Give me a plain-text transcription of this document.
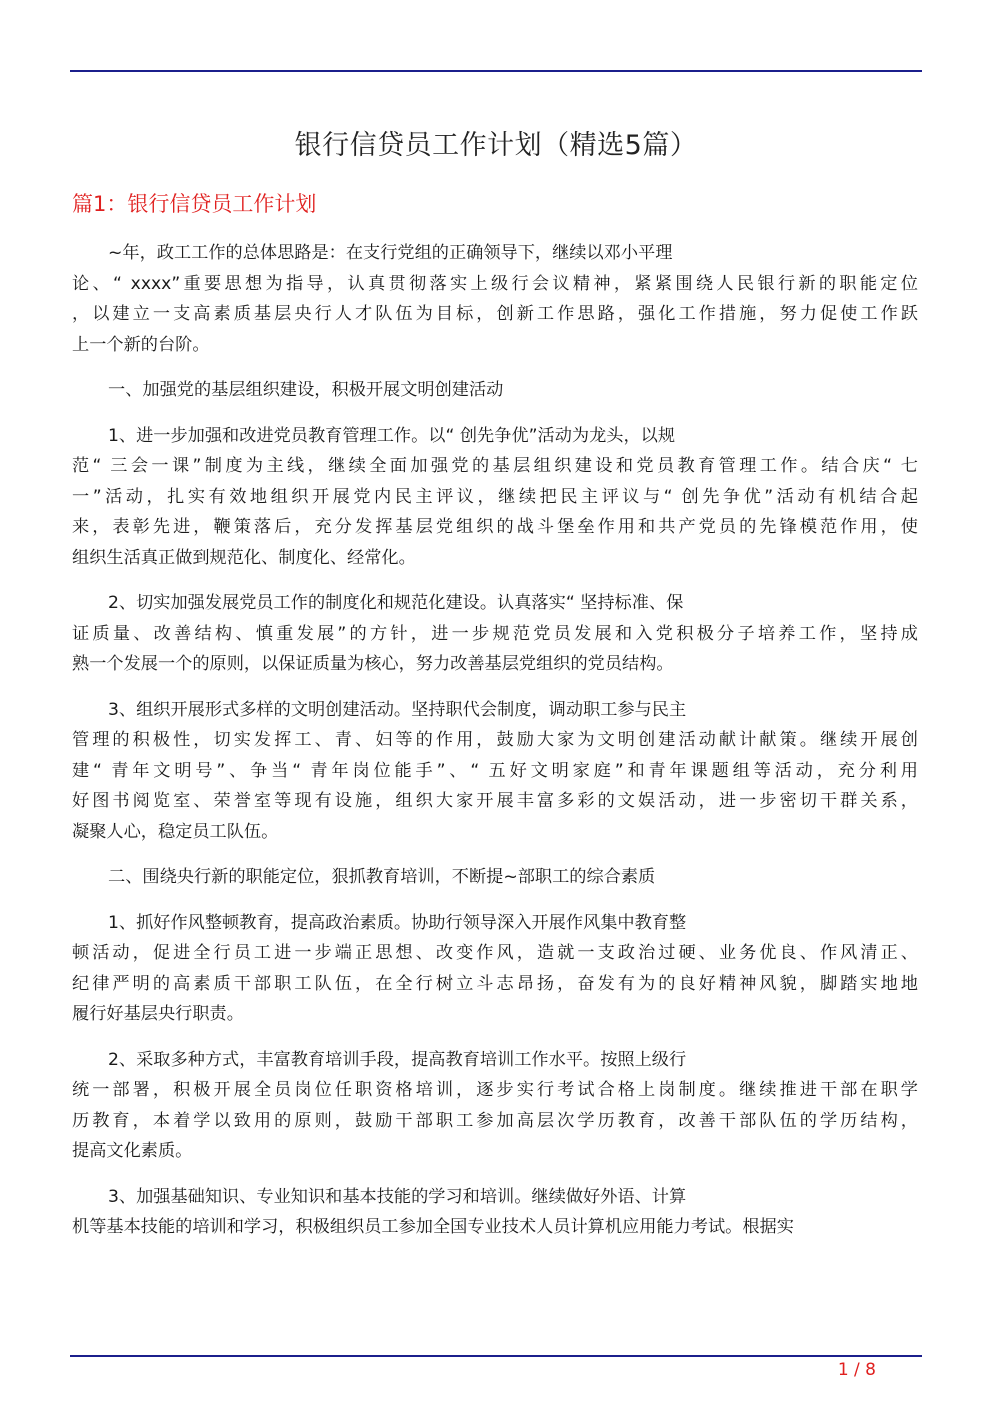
银行信贷员工作计划（精选5篇）
篇1：银行信贷员工作计划

~年，政工工作的总体思路是：在支行党组的正确领导下，继续以邓小平理
论、“ xxxx”重要思想为指导，认真贯彻落实上级行会议精神，紧紧围绕人民银行新的职能定位
，以建立一支高素质基层央行人才队伍为目标，创新工作思路，强化工作措施，努力促使工作跃
上一个新的台阶。

一、加强党的基层组织建设，积极开展文明创建活动

1、进一步加强和改进党员教育管理工作。以“ 创先争优”活动为龙头，以规
范“ 三会一课”制度为主线，继续全面加强党的基层组织建设和党员教育管理工作。结合庆“ 七
一”活动，扎实有效地组织开展党内民主评议，继续把民主评议与“ 创先争优”活动有机结合起
来，表彰先进，鞭策落后，充分发挥基层党组织的战斗堡垒作用和共产党员的先锋模范作用，使
组织生活真正做到规范化、制度化、经常化。

2、切实加强发展党员工作的制度化和规范化建设。认真落实“ 坚持标准、保
证质量、改善结构、慎重发展”的方针，进一步规范党员发展和入党积极分子培养工作，坚持成
熟一个发展一个的原则，以保证质量为核心，努力改善基层党组织的党员结构。

3、组织开展形式多样的文明创建活动。坚持职代会制度，调动职工参与民主
管理的积极性，切实发挥工、青、妇等的作用，鼓励大家为文明创建活动献计献策。继续开展创
建“ 青年文明号”、争当“ 青年岗位能手”、“ 五好文明家庭”和青年课题组等活动，充分利用
好图书阅览室、荣誉室等现有设施，组织大家开展丰富多彩的文娱活动，进一步密切干群关系，
凝聚人心，稳定员工队伍。

二、围绕央行新的职能定位，狠抓教育培训，不断提~部职工的综合素质

1、抓好作风整顿教育，提高政治素质。协助行领导深入开展作风集中教育整
顿活动，促进全行员工进一步端正思想、改变作风，造就一支政治过硬、业务优良、作风清正、
纪律严明的高素质干部职工队伍，在全行树立斗志昂扬，奋发有为的良好精神风貌，脚踏实地地
履行好基层央行职责。

2、采取多种方式，丰富教育培训手段，提高教育培训工作水平。按照上级行
统一部署，积极开展全员岗位任职资格培训，逐步实行考试合格上岗制度。继续推进干部在职学
历教育，本着学以致用的原则，鼓励干部职工参加高层次学历教育，改善干部队伍的学历结构，
提高文化素质。

3、加强基础知识、专业知识和基本技能的学习和培训。继续做好外语、计算
机等基本技能的培训和学习，积极组织员工参加全国专业技术人员计算机应用能力考试。根据实

1 / 8
